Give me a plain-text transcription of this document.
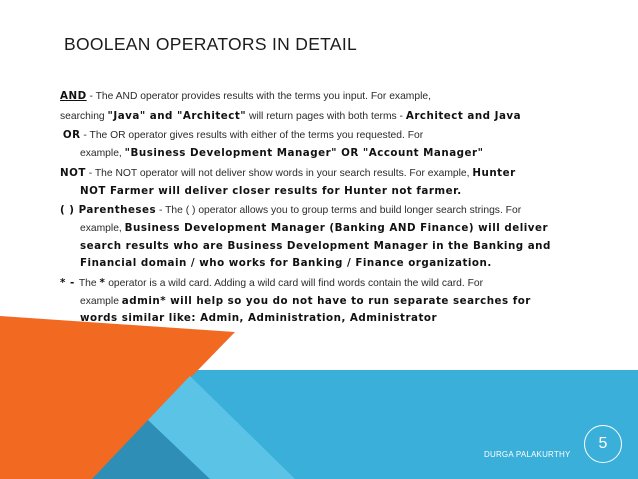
BOOLEAN OPERATORS IN DETAIL

AND - The AND operator provides results with the terms you input. For example,

searching "Java" and "Architect" will return pages with both terms - Architect and Java

OR - The OR operator gives results with either of the terms you requested. For

example, "Business Development Manager" OR "Account Manager"

NOT - The NOT operator will not deliver show words in your search results. For example, Hunter

NOT Farmer will deliver closer results for Hunter not farmer.

( ) Parentheses - The ( ) operator allows you to group terms and build longer search strings. For

example, Business Development Manager (Banking AND Finance) will deliver

search results who are Business Development Manager in the Banking and

Financial domain / who works for Banking / Finance organization.

* - The * operator is a wild card. Adding a wild card will find words contain the wild card. For

example admin* will help so you do not have to run separate searches for

words similar like: Admin, Administration, Administrator

DURGA PALAKURTHY
5
